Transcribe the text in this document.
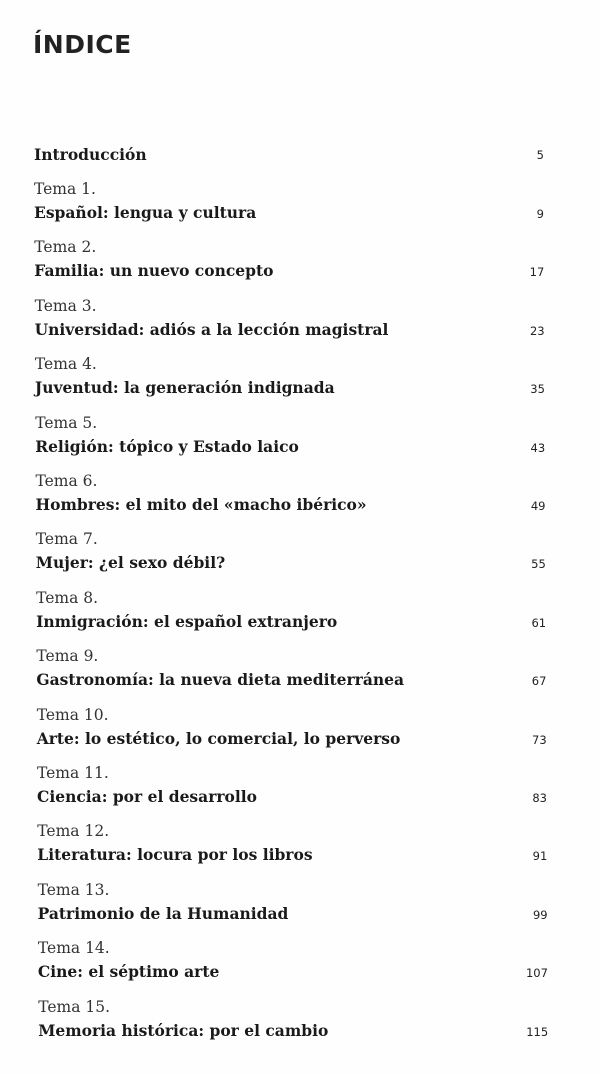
ÍNDICE
Introducción	5
Tema 1.
Español: lengua y cultura	9
Tema 2.
Familia: un nuevo concepto	17
Tema 3.
Universidad: adiós a la lección magistral	23
Tema 4.
Juventud: la generación indignada	35
Tema 5.
Religión: tópico y Estado laico	43
Tema 6.
Hombres: el mito del «macho ibérico»	49
Tema 7.
Mujer: ¿el sexo débil?	55
Tema 8.
Inmigración: el español extranjero	61
Tema 9.
Gastronomía: la nueva dieta mediterránea	67
Tema 10.
Arte: lo estético, lo comercial, lo perverso	73
Tema 11.
Ciencia: por el desarrollo	83
Tema 12.
Literatura: locura por los libros	91
Tema 13.
Patrimonio de la Humanidad	99
Tema 14.
Cine: el séptimo arte	107
Tema 15.
Memoria histórica: por el cambio	115
